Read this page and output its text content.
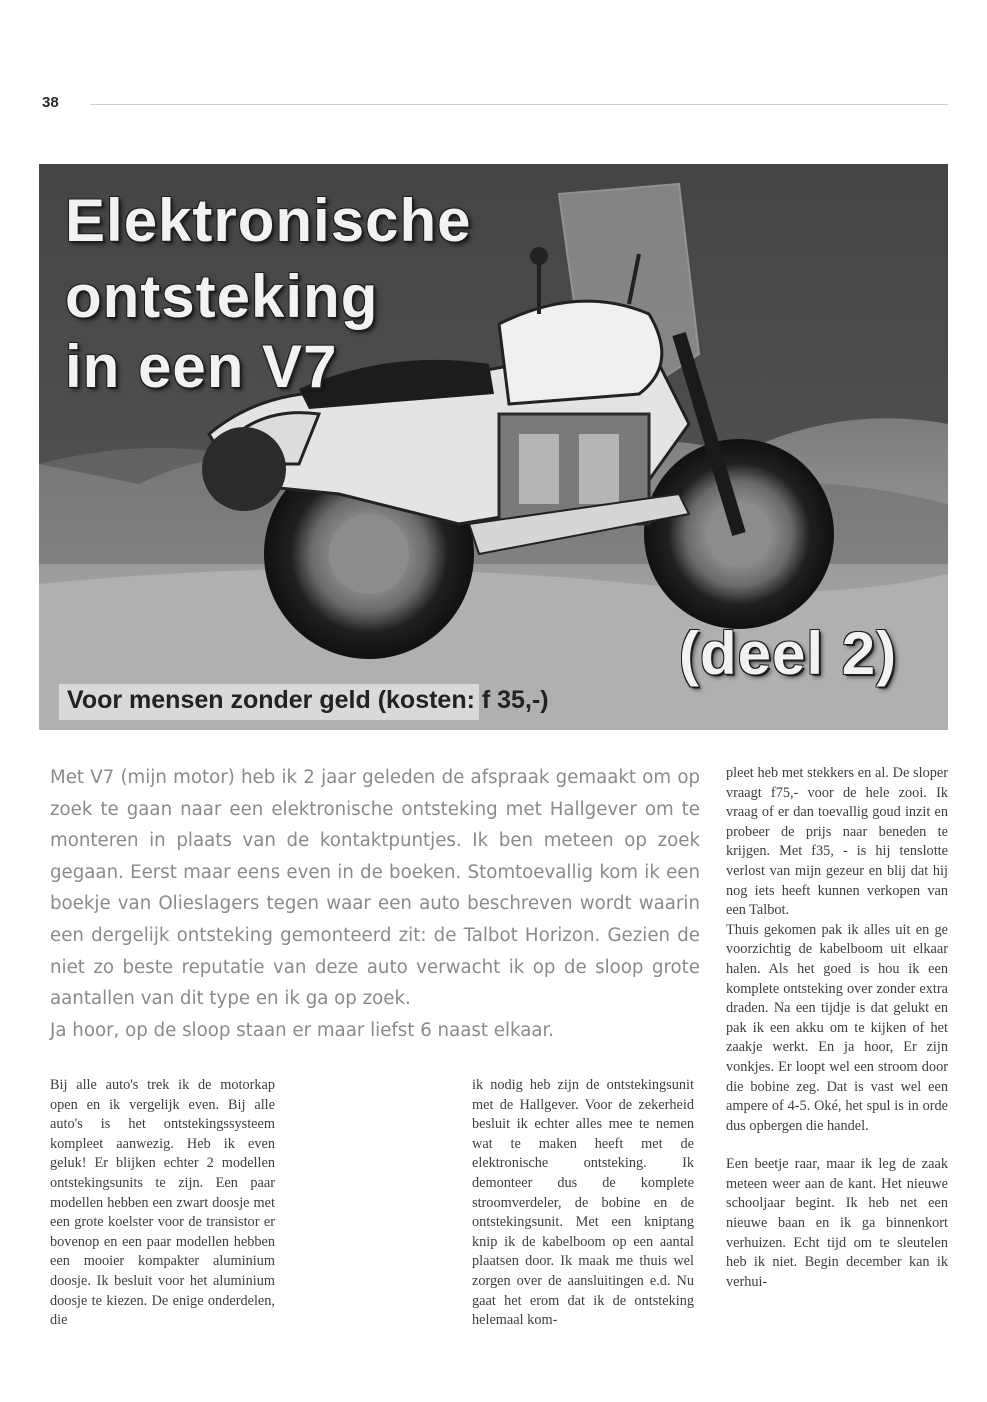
38
Elektronische
ontsteking
in een V7
(deel 2)
Voor mensen zonder geld (kosten: f 35,-)

Met V7 (mijn motor) heb ik 2 jaar geleden de afspraak gemaakt om op zoek te gaan naar een elektronische ontsteking met Hallgever om te monteren in plaats van de kontaktpuntjes. Ik ben meteen op zoek gegaan. Eerst maar eens even in de boeken. Stomtoevallig kom ik een boekje van Olieslagers tegen waar een auto beschreven wordt waarin een dergelijk ontsteking gemonteerd zit: de Talbot Horizon. Gezien de niet zo beste reputatie van deze auto verwacht ik op de sloop grote aantallen van dit type en ik ga op zoek.

Ja hoor, op de sloop staan er maar liefst 6 naast elkaar.

Bij alle auto's trek ik de motorkap open en ik vergelijk even. Bij alle auto's is het ontstekingssysteem kompleet aanwezig. Heb ik even geluk! Er blijken echter 2 modellen ontstekingsunits te zijn. Een paar modellen hebben een zwart doosje met een grote koelster voor de transistor er bovenop en een paar modellen hebben een mooier kompakter aluminium doosje. Ik besluit voor het aluminium doosje te kiezen. De enige onderdelen, die

ik nodig heb zijn de ontstekingsunit met de Hallgever. Voor de zekerheid besluit ik echter alles mee te nemen wat te maken heeft met de elektronische ontsteking. Ik demonteer dus de komplete stroomverdeler, de bobine en de ontstekingsunit. Met een kniptang knip ik de kabelboom op een aantal plaatsen door. Ik maak me thuis wel zorgen over de aansluitingen e.d. Nu gaat het erom dat ik de ontsteking helemaal kom-

pleet heb met stekkers en al. De sloper vraagt f75,- voor de hele zooi. Ik vraag of er dan toevallig goud inzit en probeer de prijs naar beneden te krijgen. Met f35, - is hij tenslotte verlost van mijn gezeur en blij dat hij nog iets heeft kunnen verkopen van een Talbot.

Thuis gekomen pak ik alles uit en ge voorzichtig de kabelboom uit elkaar halen. Als het goed is hou ik een komplete ontsteking over zonder extra draden. Na een tijdje is dat gelukt en pak ik een akku om te kijken of het zaakje werkt. En ja hoor, Er zijn vonkjes. Er loopt wel een stroom door die bobine zeg. Dat is vast wel een ampere of 4-5. Oké, het spul is in orde dus opbergen die handel.

Een beetje raar, maar ik leg de zaak meteen weer aan de kant. Het nieuwe schooljaar begint. Ik heb net een nieuwe baan en ik ga binnenkort verhuizen. Echt tijd om te sleutelen heb ik niet. Begin december kan ik verhui-
